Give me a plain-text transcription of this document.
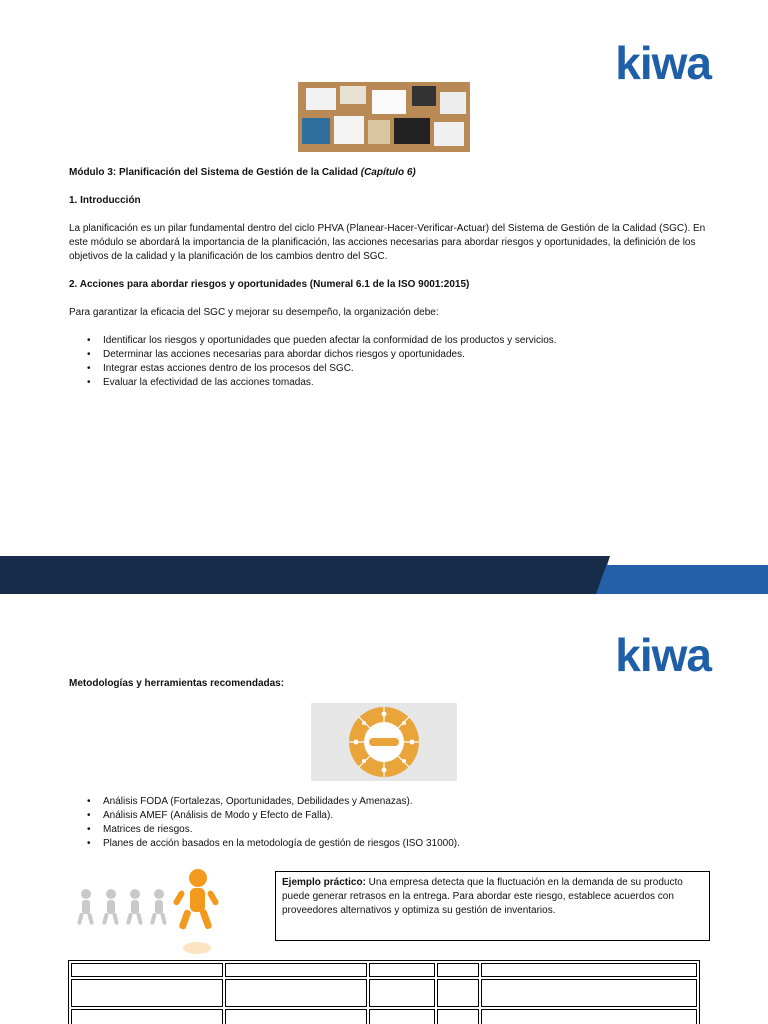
kiwa
Módulo 3: Planificación del Sistema de Gestión de la Calidad (Capítulo 6)
1. Introducción
La planificación es un pilar fundamental dentro del ciclo PHVA (Planear-Hacer-Verificar-Actuar) del Sistema de Gestión de la Calidad (SGC). En este módulo se abordará la importancia de la planificación, las acciones necesarias para abordar riesgos y oportunidades, la definición de los objetivos de la calidad y la planificación de los cambios dentro del SGC.
2. Acciones para abordar riesgos y oportunidades (Numeral 6.1 de la ISO 9001:2015)
Para garantizar la eficacia del SGC y mejorar su desempeño, la organización debe:
• Identificar los riesgos y oportunidades que pueden afectar la conformidad de los productos y servicios.
• Determinar las acciones necesarias para abordar dichos riesgos y oportunidades.
• Integrar estas acciones dentro de los procesos del SGC.
• Evaluar la efectividad de las acciones tomadas.
kiwa
Metodologías y herramientas recomendadas:
• Análisis FODA (Fortalezas, Oportunidades, Debilidades y Amenazas).
• Análisis AMEF (Análisis de Modo y Efecto de Falla).
• Matrices de riesgos.
• Planes de acción basados en la metodología de gestión de riesgos (ISO 31000).
Ejemplo práctico: Una empresa detecta que la fluctuación en la demanda de su producto puede generar retrasos en la entrega. Para abordar este riesgo, establece acuerdos con proveedores alternativos y optimiza su gestión de inventarios.
